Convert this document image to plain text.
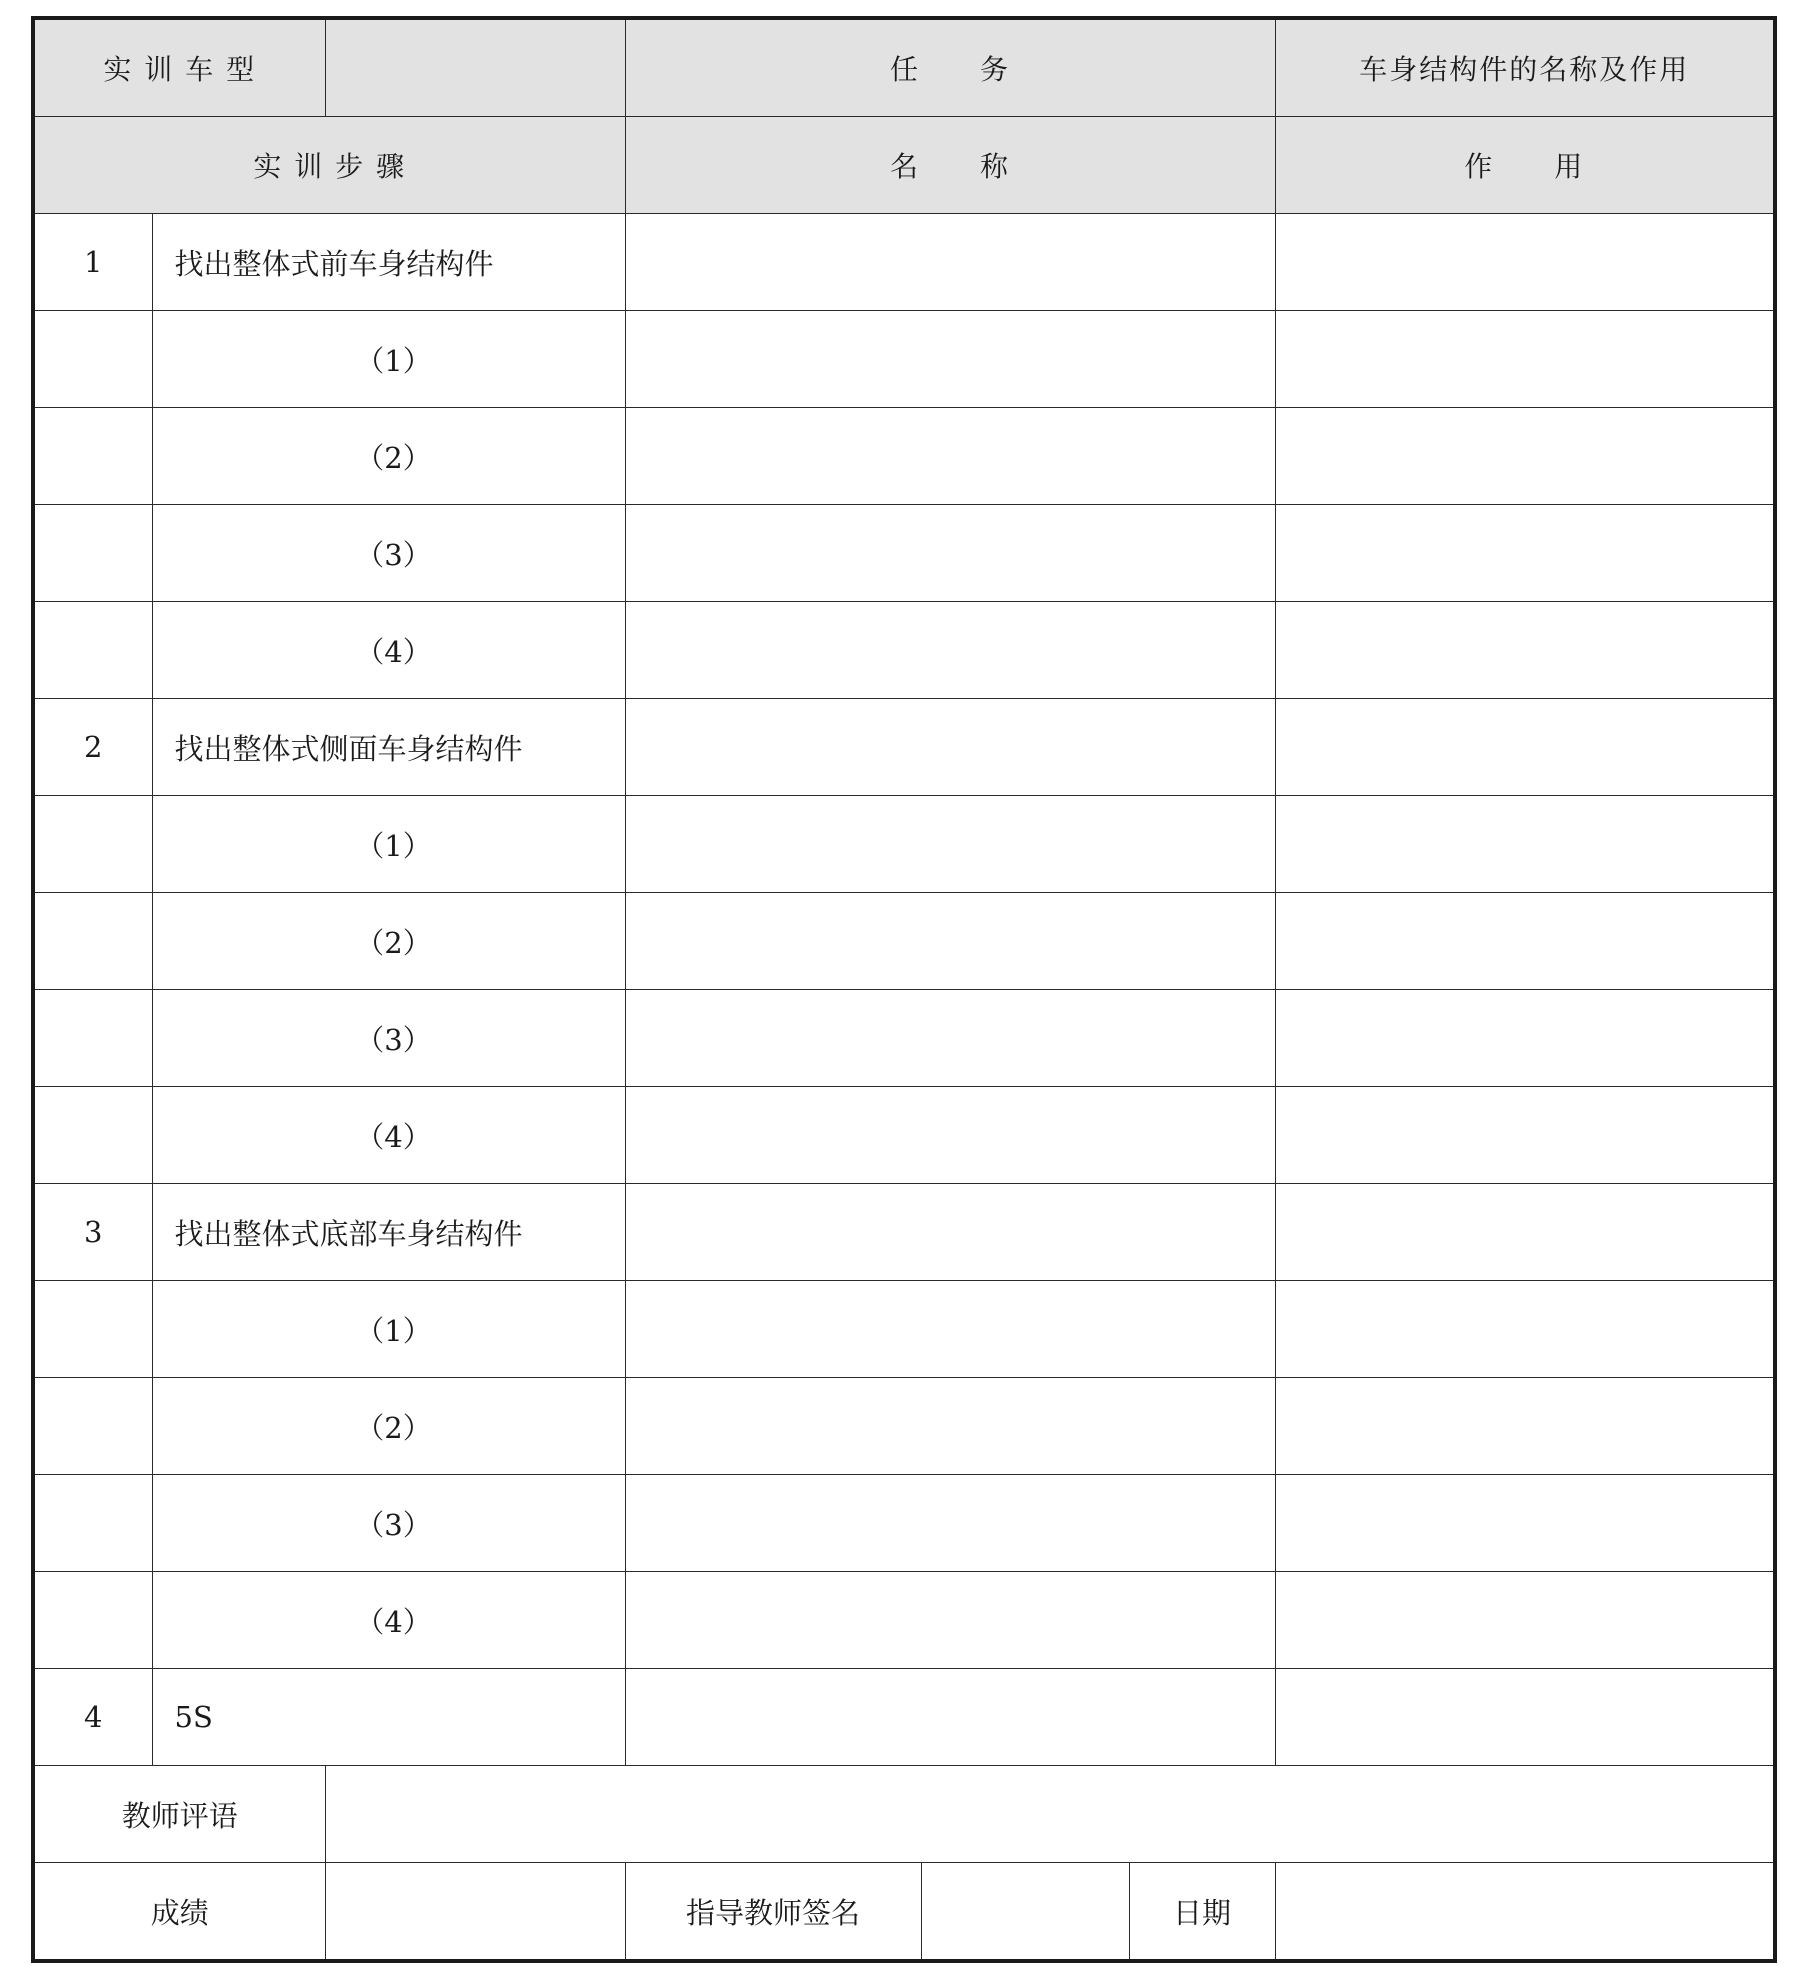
实 训 车 型			任　　务			车身结构件的名称及作用
实 训 步 骤			名　　称			作　　用
1	找出整体式前车身结构件					
	（1）					
	（2）					
	（3）					
	（4）					
2	找出整体式侧面车身结构件					
	（1）					
	（2）					
	（3）					
	（4）					
3	找出整体式底部车身结构件					
	（1）					
	（2）					
	（3）					
	（4）					
4	5S					
教师评语						
成绩			指导教师签名		日期	
